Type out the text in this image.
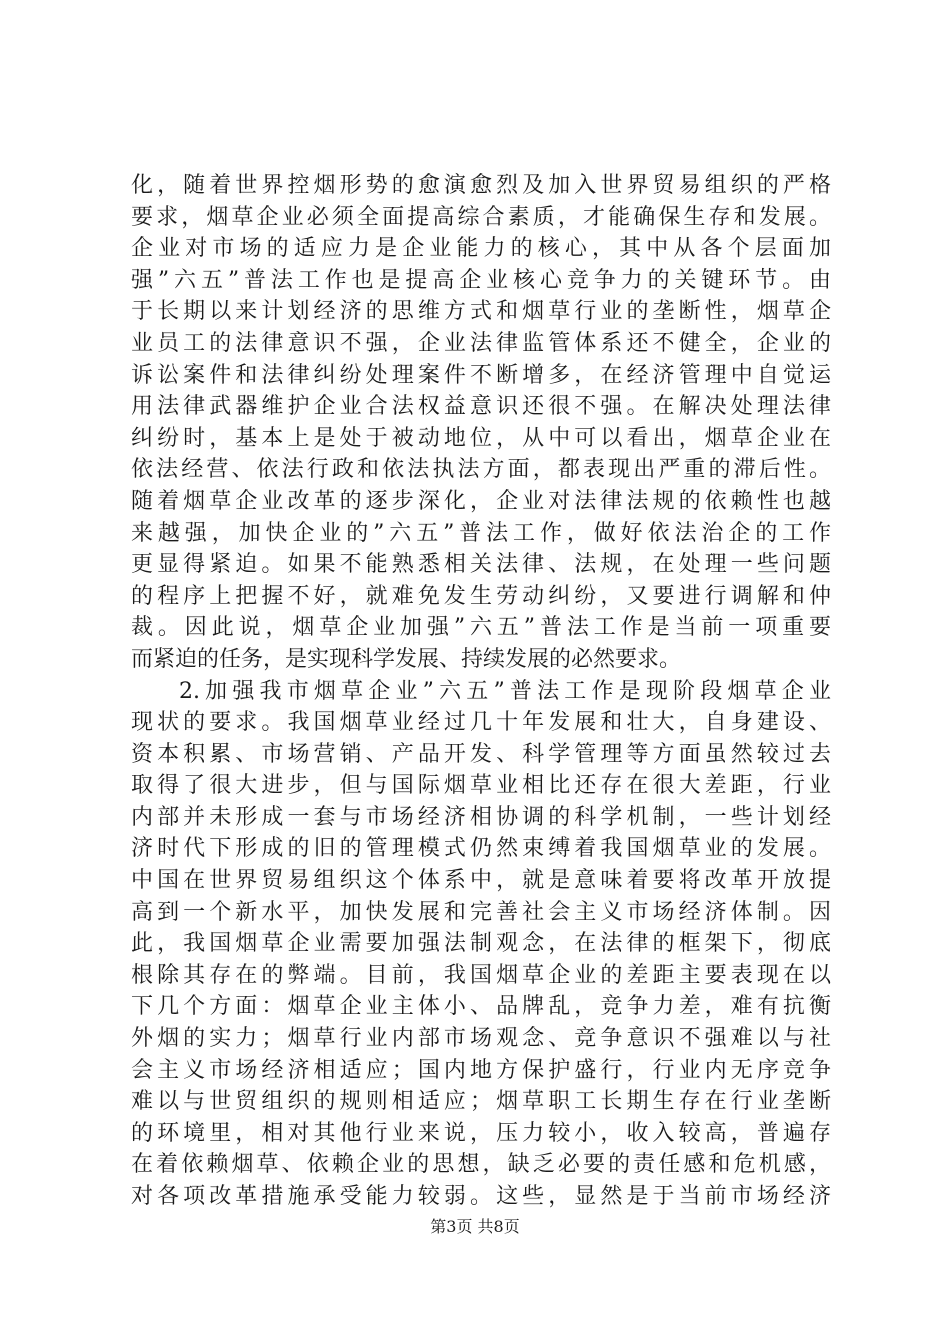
化，随着世界控烟形势的愈演愈烈及加入世界贸易组织的严格
要求，烟草企业必须全面提高综合素质，才能确保生存和发展。
企业对市场的适应力是企业能力的核心，其中从各个层面加
强”六五”普法工作也是提高企业核心竞争力的关键环节。由
于长期以来计划经济的思维方式和烟草行业的垄断性，烟草企
业员工的法律意识不强，企业法律监管体系还不健全，企业的
诉讼案件和法律纠纷处理案件不断增多，在经济管理中自觉运
用法律武器维护企业合法权益意识还很不强。在解决处理法律
纠纷时，基本上是处于被动地位，从中可以看出，烟草企业在
依法经营、依法行政和依法执法方面，都表现出严重的滞后性。
随着烟草企业改革的逐步深化，企业对法律法规的依赖性也越
来越强，加快企业的”六五”普法工作，做好依法治企的工作
更显得紧迫。如果不能熟悉相关法律、法规，在处理一些问题
的程序上把握不好，就难免发生劳动纠纷，又要进行调解和仲
裁。因此说，烟草企业加强”六五”普法工作是当前一项重要
而紧迫的任务，是实现科学发展、持续发展的必然要求。
2.加强我市烟草企业”六五”普法工作是现阶段烟草企业
现状的要求。我国烟草业经过几十年发展和壮大，自身建设、
资本积累、市场营销、产品开发、科学管理等方面虽然较过去
取得了很大进步，但与国际烟草业相比还存在很大差距，行业
内部并未形成一套与市场经济相协调的科学机制，一些计划经
济时代下形成的旧的管理模式仍然束缚着我国烟草业的发展。
中国在世界贸易组织这个体系中，就是意味着要将改革开放提
高到一个新水平，加快发展和完善社会主义市场经济体制。因
此，我国烟草企业需要加强法制观念，在法律的框架下，彻底
根除其存在的弊端。目前，我国烟草企业的差距主要表现在以
下几个方面：烟草企业主体小、品牌乱，竞争力差，难有抗衡
外烟的实力；烟草行业内部市场观念、竞争意识不强难以与社
会主义市场经济相适应；国内地方保护盛行，行业内无序竞争
难以与世贸组织的规则相适应；烟草职工长期生存在行业垄断
的环境里，相对其他行业来说，压力较小，收入较高，普遍存
在着依赖烟草、依赖企业的思想，缺乏必要的责任感和危机感，
对各项改革措施承受能力较弱。这些，显然是于当前市场经济
第3页 共8页
